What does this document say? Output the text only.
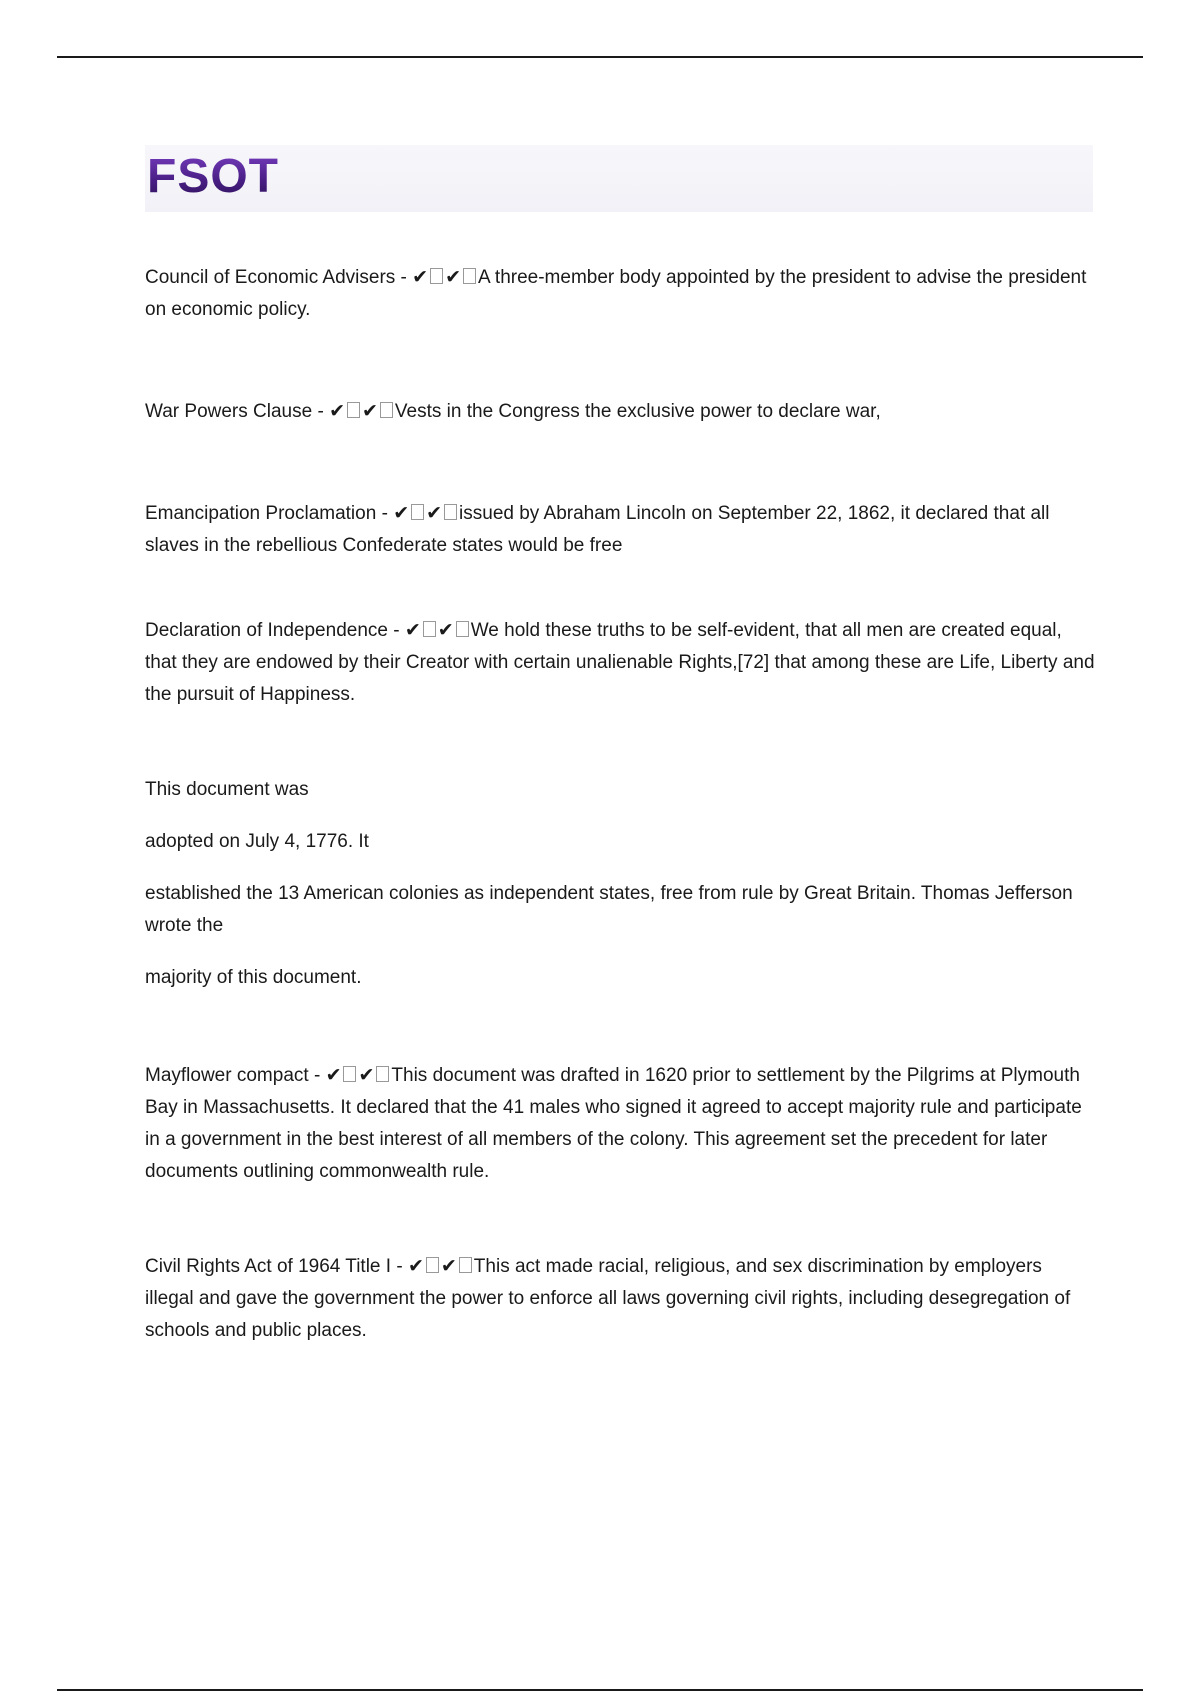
FSOT

Council of Economic Advisers - ✔ ✔ A three-member body appointed by the president to advise the president on economic policy.

War Powers Clause - ✔ ✔ Vests in the Congress the exclusive power to declare war,

Emancipation Proclamation - ✔ ✔ issued by Abraham Lincoln on September 22, 1862, it declared that all slaves in the rebellious Confederate states would be free

Declaration of Independence - ✔ ✔ We hold these truths to be self-evident, that all men are created equal, that they are endowed by their Creator with certain unalienable Rights,[72] that among these are Life, Liberty and the pursuit of Happiness.

This document was

adopted on July 4, 1776. It

established the 13 American colonies as independent states, free from rule by Great Britain. Thomas Jefferson wrote the

majority of this document.

Mayflower compact - ✔ ✔ This document was drafted in 1620 prior to settlement by the Pilgrims at Plymouth Bay in Massachusetts. It declared that the 41 males who signed it agreed to accept majority rule and participate in a government in the best interest of all members of the colony. This agreement set the precedent for later documents outlining commonwealth rule.

Civil Rights Act of 1964 Title I - ✔ ✔ This act made racial, religious, and sex discrimination by employers illegal and gave the government the power to enforce all laws governing civil rights, including desegregation of schools and public places.
